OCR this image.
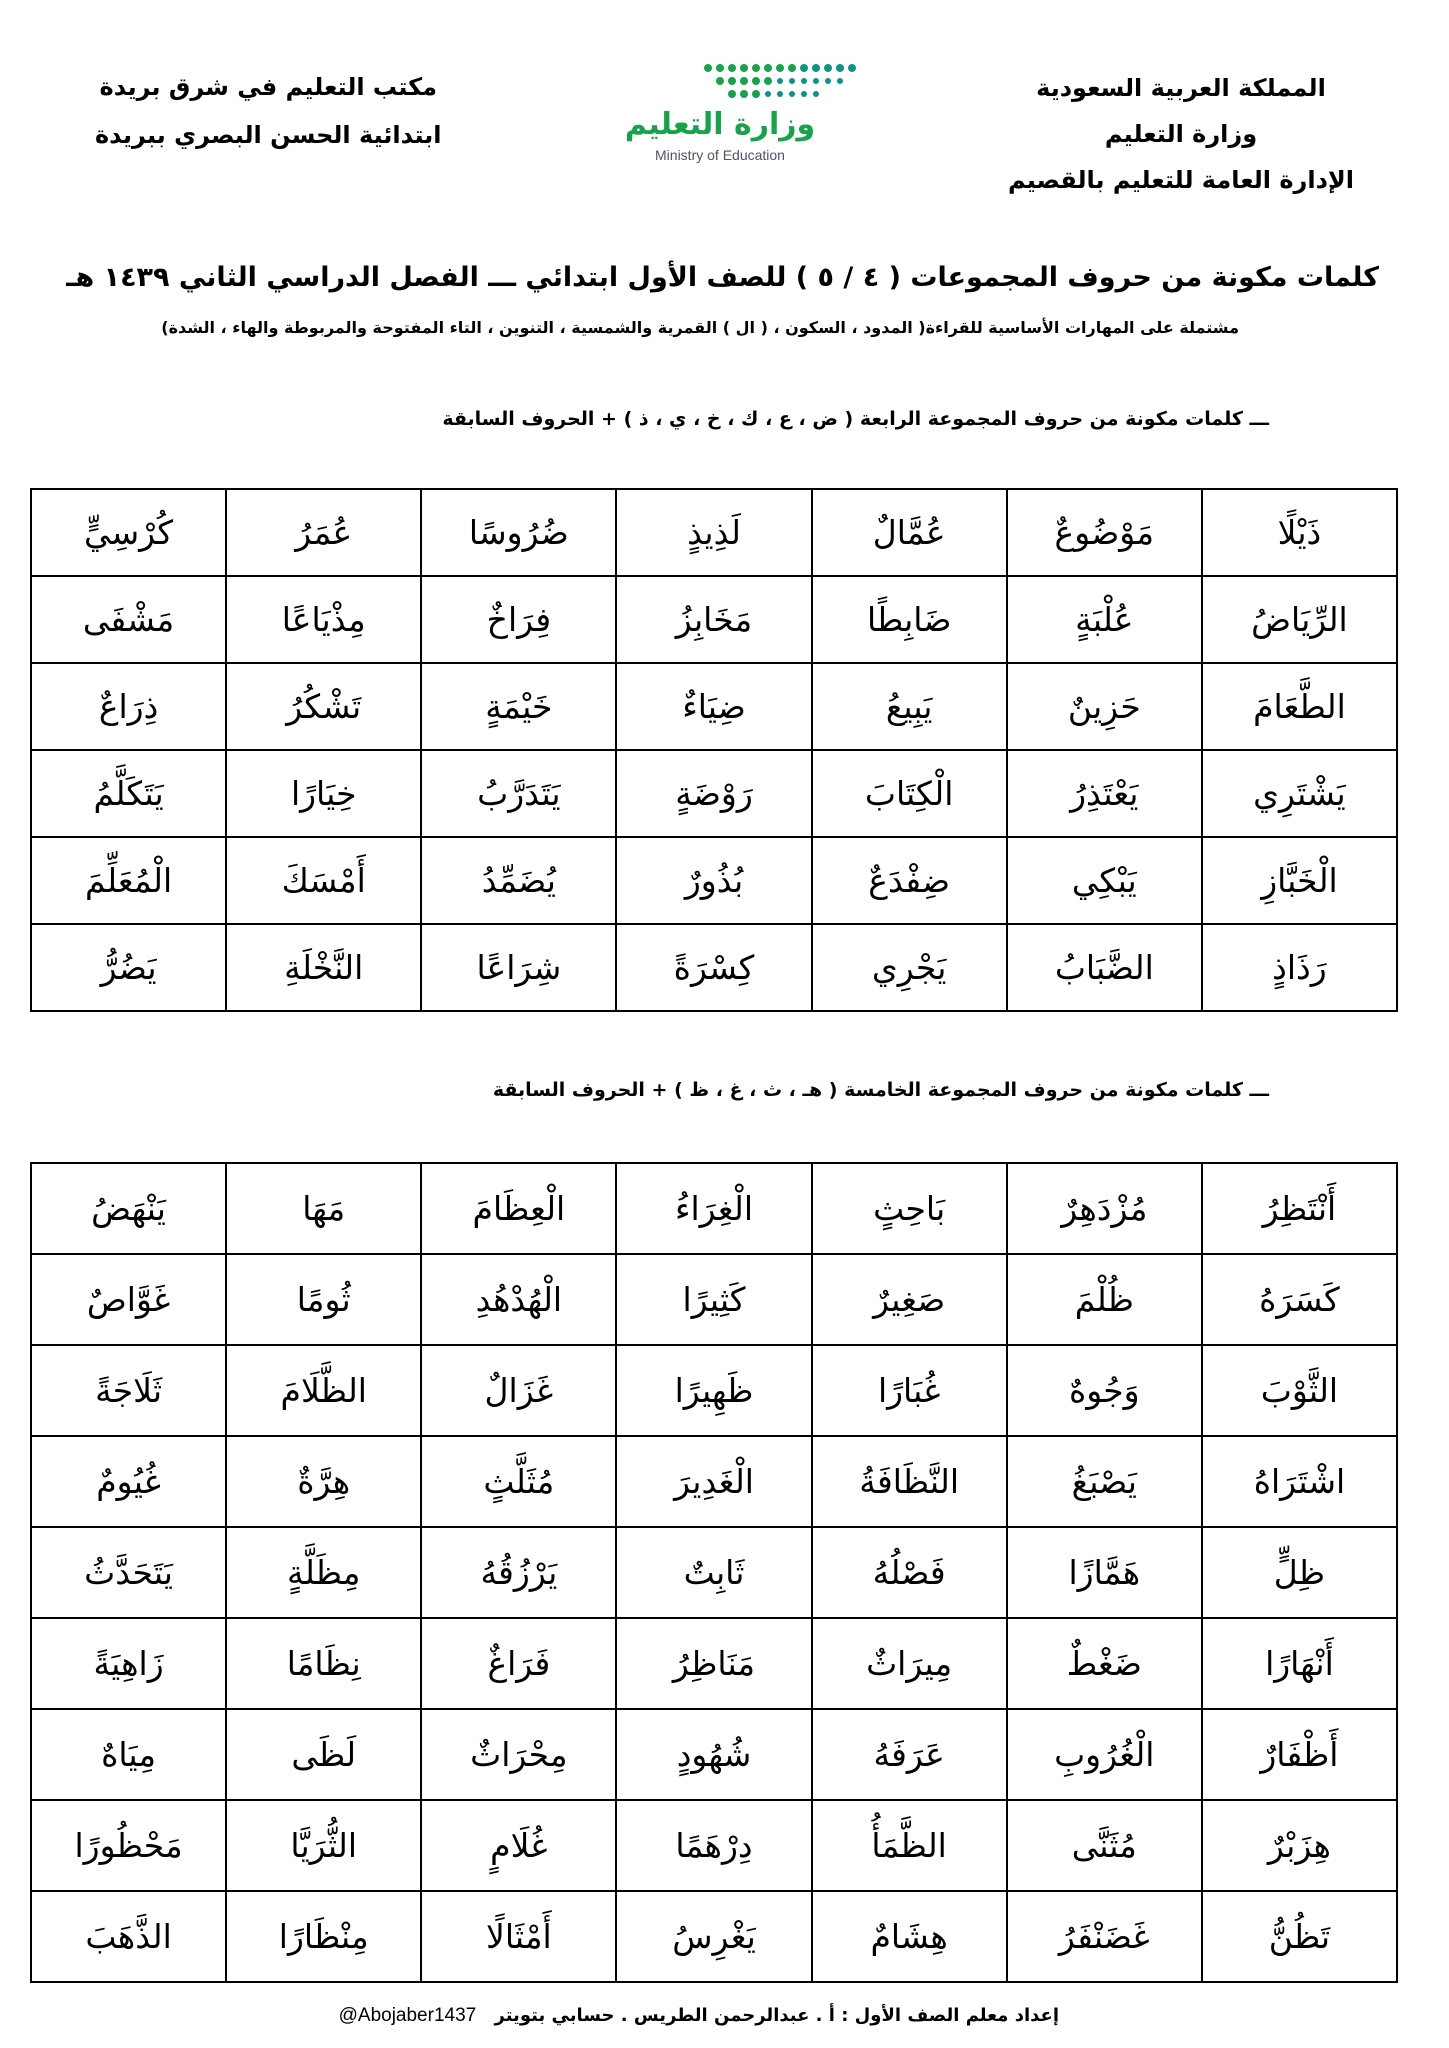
المملكة العربية السعودية
وزارة التعليم
الإدارة العامة للتعليم بالقصيم
وزارة التعليم
Ministry of Education
مكتب التعليم في شرق بريدة
ابتدائية الحسن البصري ببريدة
كلمات مكونة من حروف المجموعات ( ٤ / ٥ ) للصف الأول ابتدائي ـــ الفصل الدراسي الثاني ١٤٣٩ هـ
مشتملة على المهارات الأساسية للقراءة( المدود ، السكون ، ( ال ) القمرية والشمسية ، التنوين ، التاء المفتوحة والمربوطة والهاء ، الشدة)
ـــ كلمات مكونة من حروف المجموعة الرابعة ( ض ، ع ، ك ، خ ، ي ، ذ ) + الحروف السابقة
ذَيْلًا	مَوْضُوعٌ	عُمَّالٌ	لَذِيذٍ	ضُرُوسًا	عُمَرُ	كُرْسِيٍّ
الرِّيَاضُ	عُلْبَةٍ	ضَابِطًا	مَخَابِزُ	فِرَاخٌ	مِذْيَاعًا	مَشْفَى
الطَّعَامَ	حَزِينٌ	يَبِيعُ	ضِيَاءٌ	خَيْمَةٍ	تَشْكُرُ	ذِرَاعٌ
يَشْتَرِي	يَعْتَذِرُ	الْكِتَابَ	رَوْضَةٍ	يَتَدَرَّبُ	خِيَارًا	يَتَكَلَّمُ
الْخَبَّازِ	يَبْكِي	ضِفْدَعٌ	بُذُورٌ	يُضَمِّدُ	أَمْسَكَ	الْمُعَلِّمَ
رَذَاذٍ	الضَّبَابُ	يَجْرِي	كِسْرَةً	شِرَاعًا	النَّخْلَةِ	يَضُرُّ
ـــ كلمات مكونة من حروف المجموعة الخامسة ( هـ ، ث ، غ ، ظ ) + الحروف السابقة
أَنْتَظِرُ	مُزْدَهِرٌ	بَاحِثٍ	الْغِرَاءُ	الْعِظَامَ	مَهَا	يَنْهَضُ
كَسَرَهُ	ظُلْمَ	صَغِيرٌ	كَثِيرًا	الْهُدْهُدِ	ثُومًا	غَوَّاصٌ
الثَّوْبَ	وَجُوهٌ	غُبَارًا	ظَهِيرًا	غَزَالٌ	الظَّلَامَ	ثَلَاجَةً
اشْتَرَاهُ	يَصْبَغُ	النَّظَافَةُ	الْغَدِيرَ	مُثَلَّثٍ	هِرَّةٌ	غُيُومٌ
ظِلٍّ	هَمَّازًا	فَصْلُهُ	ثَابِتٌ	يَرْزُقُهُ	مِظَلَّةٍ	يَتَحَدَّثُ
أَنْهَارًا	ضَغْطٌ	مِيرَاثٌ	مَنَاظِرُ	فَرَاغٌ	نِظَامًا	زَاهِيَةً
أَظْفَارٌ	الْغُرُوبِ	عَرَفَهُ	شُهُودٍ	مِحْرَاثٌ	لَظَى	مِيَاهٌ
هِزَبْرٌ	مُثَنَّى	الظَّمَأُ	دِرْهَمًا	غُلَامٍ	الثُّرَيَّا	مَحْظُورًا
تَظُنُّ	غَضَنْفَرُ	هِشَامٌ	يَغْرِسُ	أَمْثَالًا	مِنْظَارًا	الذَّهَبَ
إعداد معلم الصف الأول : أ . عبدالرحمن الطريس . حسابي بتويتر @Abojaber1437
